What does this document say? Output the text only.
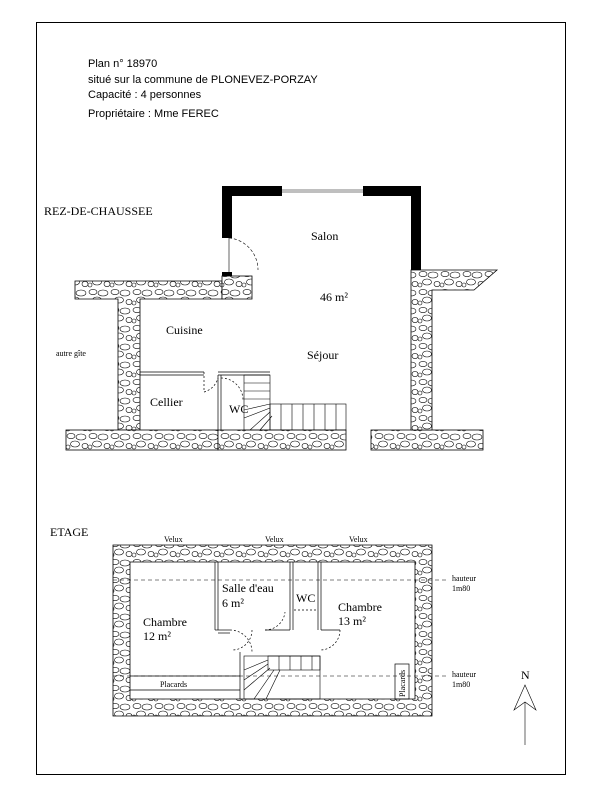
Plan n° 18970
situé sur la commune de PLONEVEZ-PORZAY
Capacité : 4 personnes
Propriétaire : Mme FEREC
REZ-DE-CHAUSSEE
Salon
46 m²
Cuisine
Séjour
Cellier	WC
autre gîte
ETAGE
Velux	Velux	Velux
Chambre
12 m²
Salle d'eau
6 m²	WC
Chambre
13 m²
Placards	Placards
hauteur
1m80
hauteur
1m80
N
